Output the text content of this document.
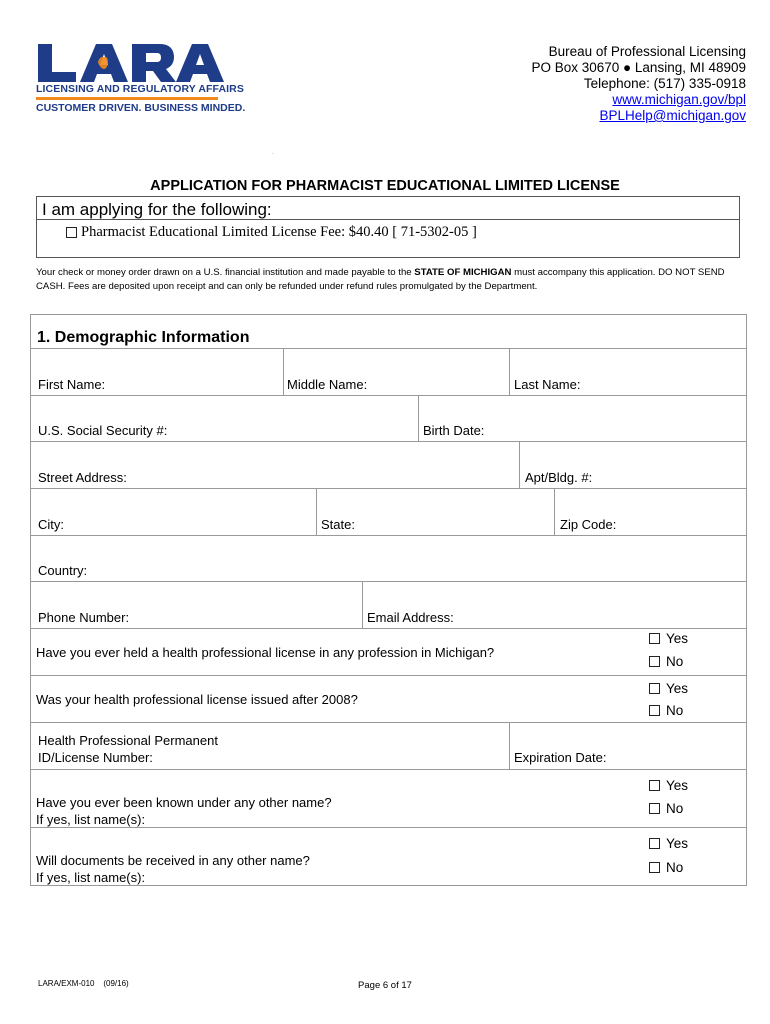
LICENSING AND REGULATORY AFFAIRS
CUSTOMER DRIVEN. BUSINESS MINDED.
Bureau of Professional Licensing
PO Box 30670 ● Lansing, MI 48909
Telephone: (517) 335-0918
www.michigan.gov/bpl
BPLHelp@michigan.gov
.
APPLICATION FOR PHARMACIST EDUCATIONAL LIMITED LICENSE
I am applying for the following:
Pharmacist Educational Limited License Fee: $40.40 [ 71-5302-05 ]
Your check or money order drawn on a U.S. financial institution and made payable to the STATE OF MICHIGAN must accompany this application. DO NOT SEND CASH. Fees are deposited upon receipt and can only be refunded under refund rules promulgated by the Department.
1. Demographic Information
First Name:	Middle Name:	Last Name:
U.S. Social Security #:	Birth Date:
Street Address:	Apt/Bldg. #:
City:	State:	Zip Code:
Country:
Phone Number:	Email Address:
Have you ever held a health professional license in any profession in Michigan?
Yes
No
Was your health professional license issued after 2008?
Yes
No
Health Professional Permanent
ID/License Number:	Expiration Date:
Have you ever been known under any other name?
If yes, list name(s):
Yes
No
Will documents be received in any other name?
If yes, list name(s):
Yes
No
LARA/EXM-010    (09/16)	Page 6 of 17
